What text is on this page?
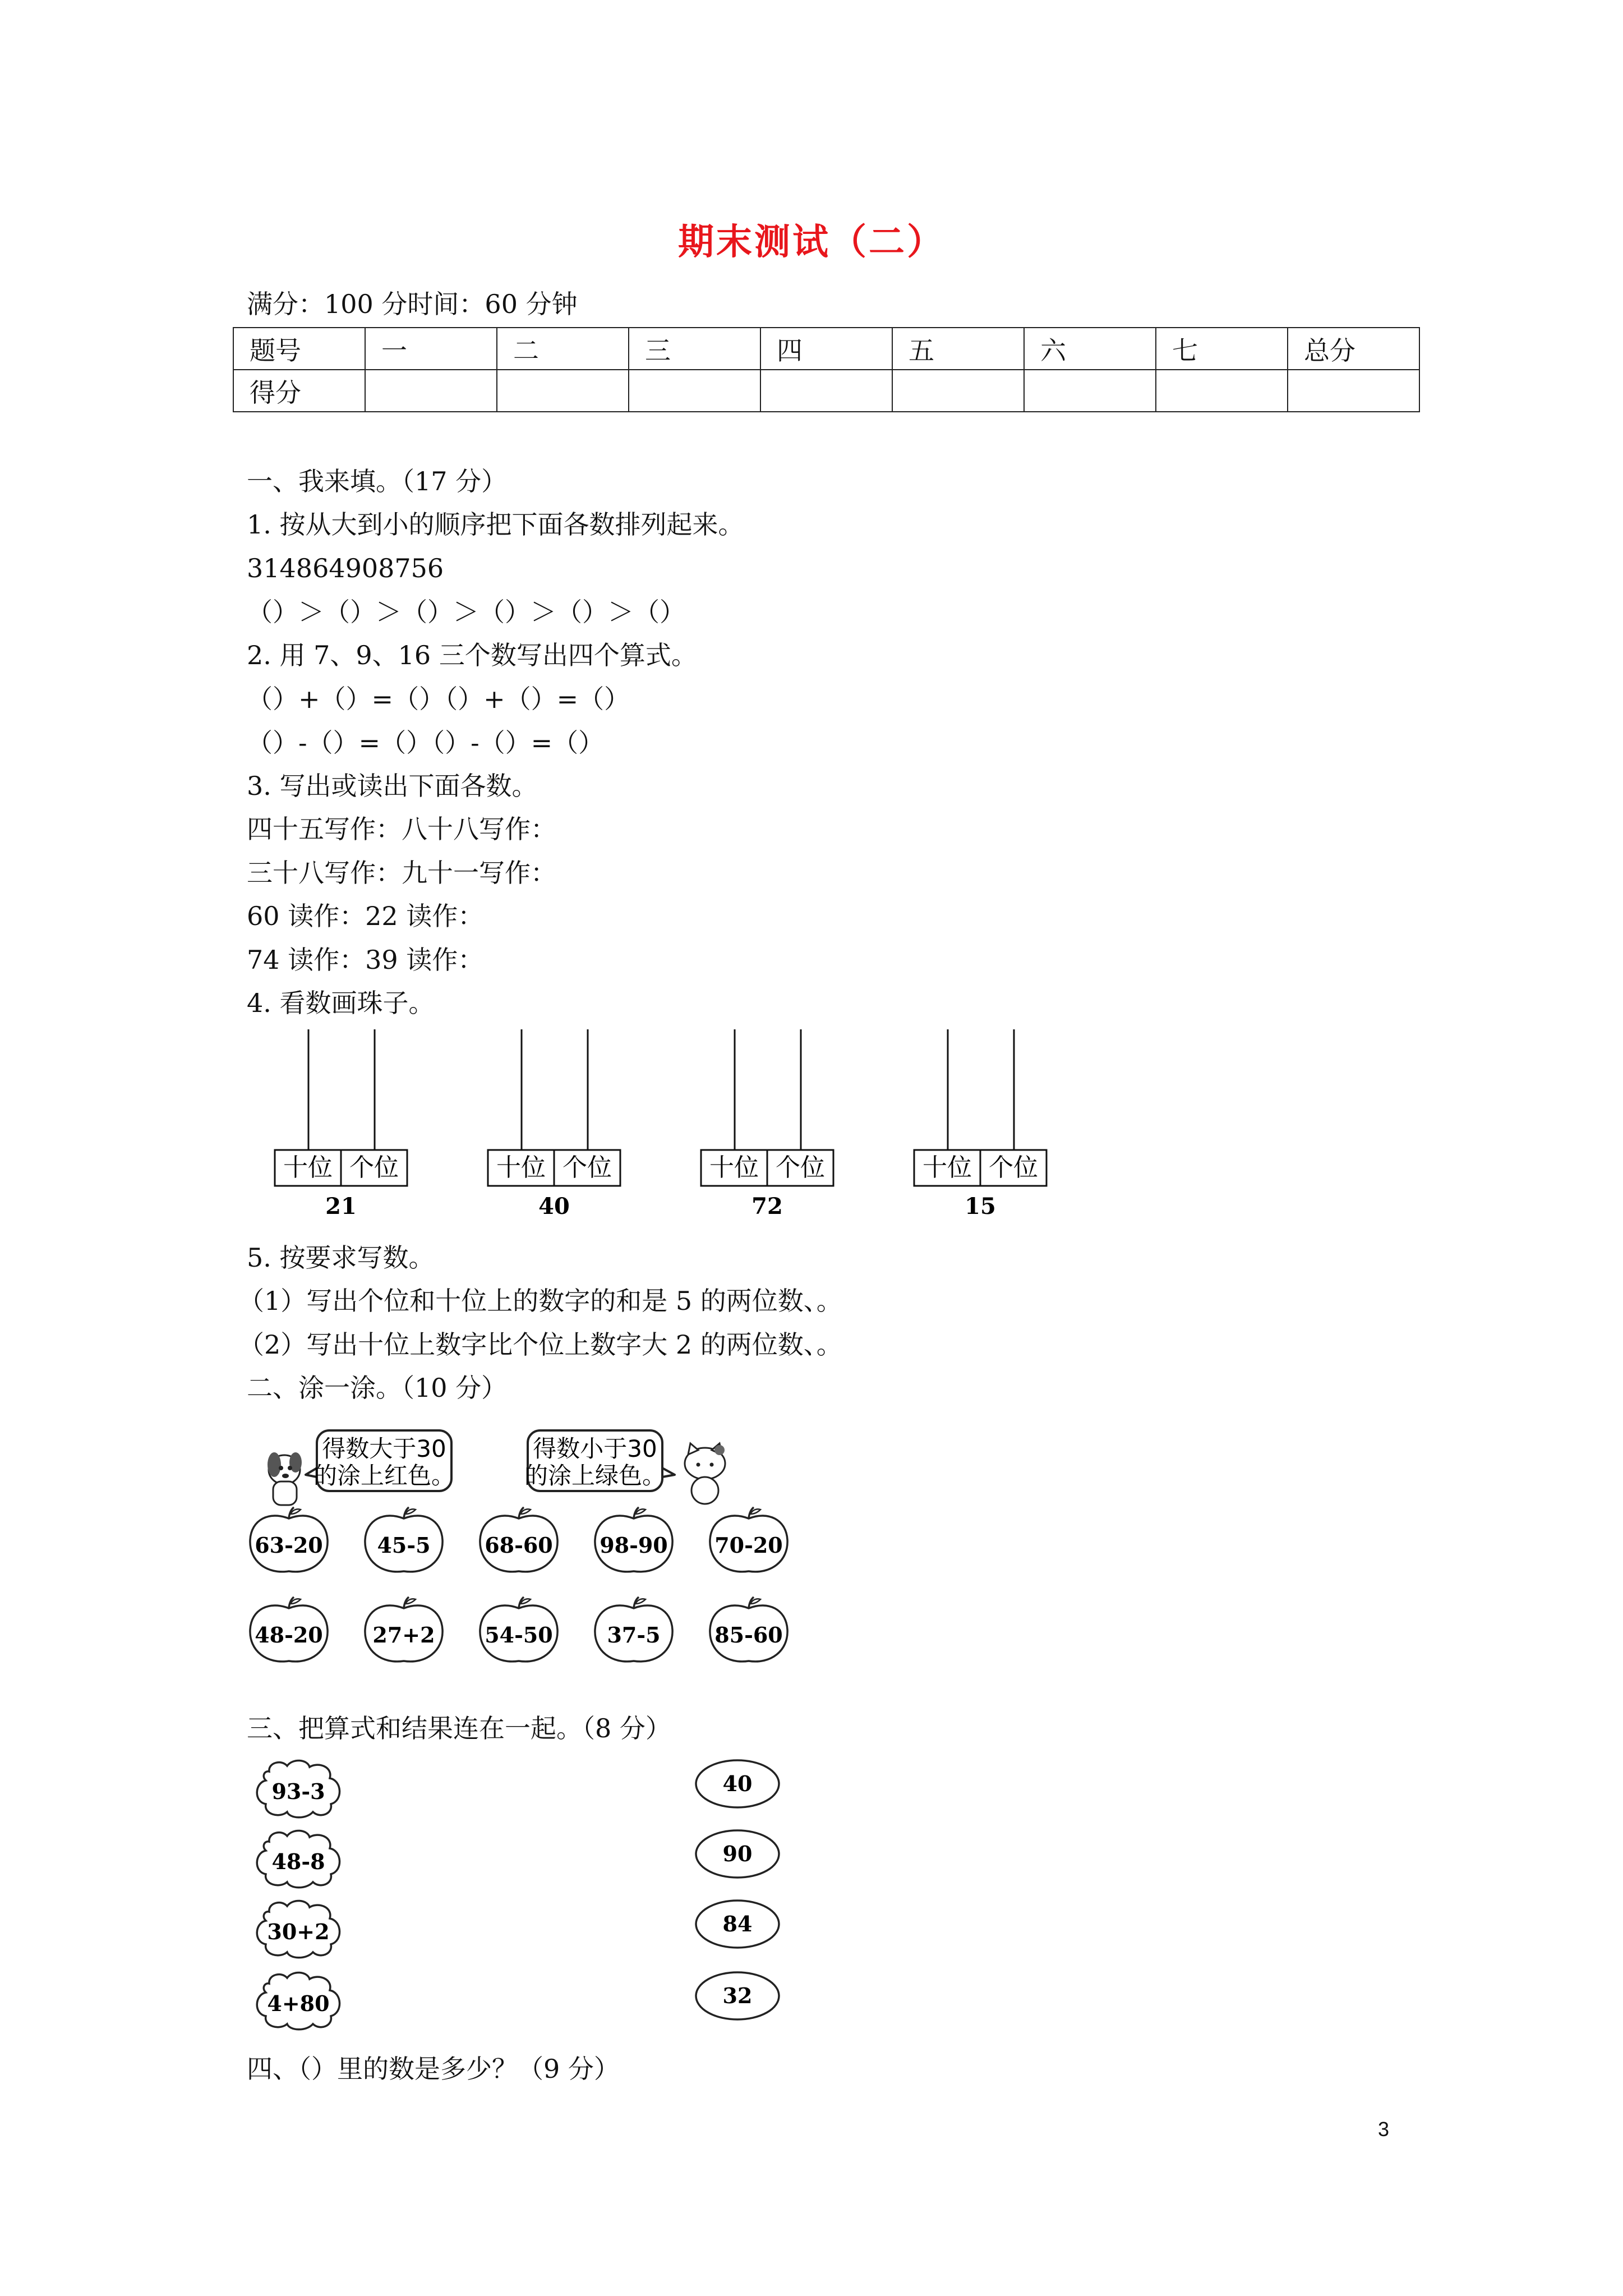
期末测试（二）
满分：100 分时间：60 分钟
题号	一	二	三	四	五	六	七	总分
得分								
一、我来填。（17 分）
1. 按从大到小的顺序把下面各数排列起来。
314864908756
（）＞（）＞（）＞（）＞（）＞（）
2. 用 7、9、16 三个数写出四个算式。
（）+（）=（）（）+（）=（）
（）-（）=（）（）-（）=（）
3. 写出或读出下面各数。
四十五写作：八十八写作：
三十八写作：九十一写作：
60 读作：22 读作：
74 读作：39 读作：
4. 看数画珠子。
十位 个位
21
十位 个位
40
十位 个位
72
十位 个位
15
5. 按要求写数。
（1）写出个位和十位上的数字的和是 5 的两位数、。
（2）写出十位上数字比个位上数字大 2 的两位数、。
二、涂一涂。（10 分）
得数大于30
的涂上红色。
得数小于30
的涂上绿色。
63-20	45-5	68-60 98-90 70-20
48-20 27+2 54-50	37-5	85-60
三、把算式和结果连在一起。（8 分）
93-3
48-8
30+2
4+80
40
90
84
32
四、（）里的数是多少？（9 分）
3
